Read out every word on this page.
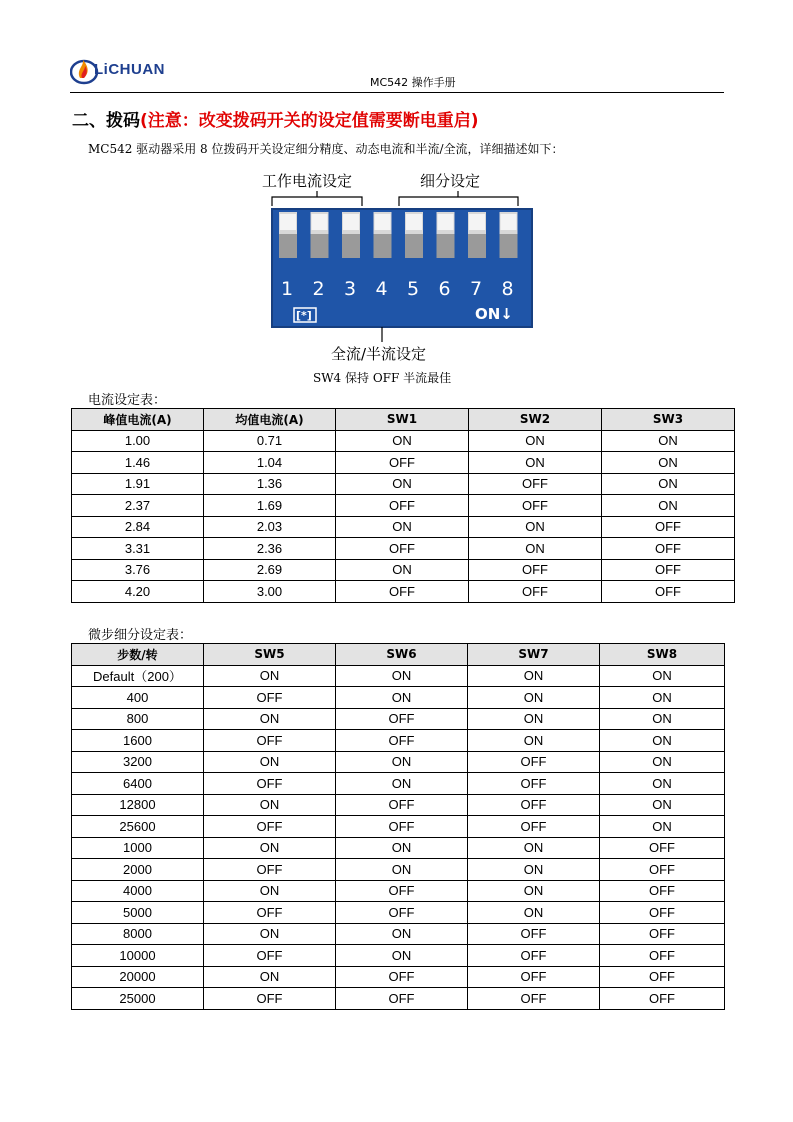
LiCHUAN
MC542 操作手册
二、拨码(注意：改变拨码开关的设定值需要断电重启)
MC542 驱动器采用 8 位拨码开关设定细分精度、动态电流和半流/全流，详细描述如下：
工作电流设定	细分设定
[*]	ON↓
1 2 3 4 5 6 7 8
全流/半流设定
SW4 保持 OFF 半流最佳
电流设定表：
峰值电流(A)	均值电流(A)	SW1	SW2	SW3
1.00	0.71	ON	ON	ON
1.46	1.04	OFF	ON	ON
1.91	1.36	ON	OFF	ON
2.37	1.69	OFF	OFF	ON
2.84	2.03	ON	ON	OFF
3.31	2.36	OFF	ON	OFF
3.76	2.69	ON	OFF	OFF
4.20	3.00	OFF	OFF	OFF
微步细分设定表：
步数/转	SW5	SW6	SW7	SW8
Default（200）	ON	ON	ON	ON
400	OFF	ON	ON	ON
800	ON	OFF	ON	ON
1600	OFF	OFF	ON	ON
3200	ON	ON	OFF	ON
6400	OFF	ON	OFF	ON
12800	ON	OFF	OFF	ON
25600	OFF	OFF	OFF	ON
1000	ON	ON	ON	OFF
2000	OFF	ON	ON	OFF
4000	ON	OFF	ON	OFF
5000	OFF	OFF	ON	OFF
8000	ON	ON	OFF	OFF
10000	OFF	ON	OFF	OFF
20000	ON	OFF	OFF	OFF
25000	OFF	OFF	OFF	OFF
